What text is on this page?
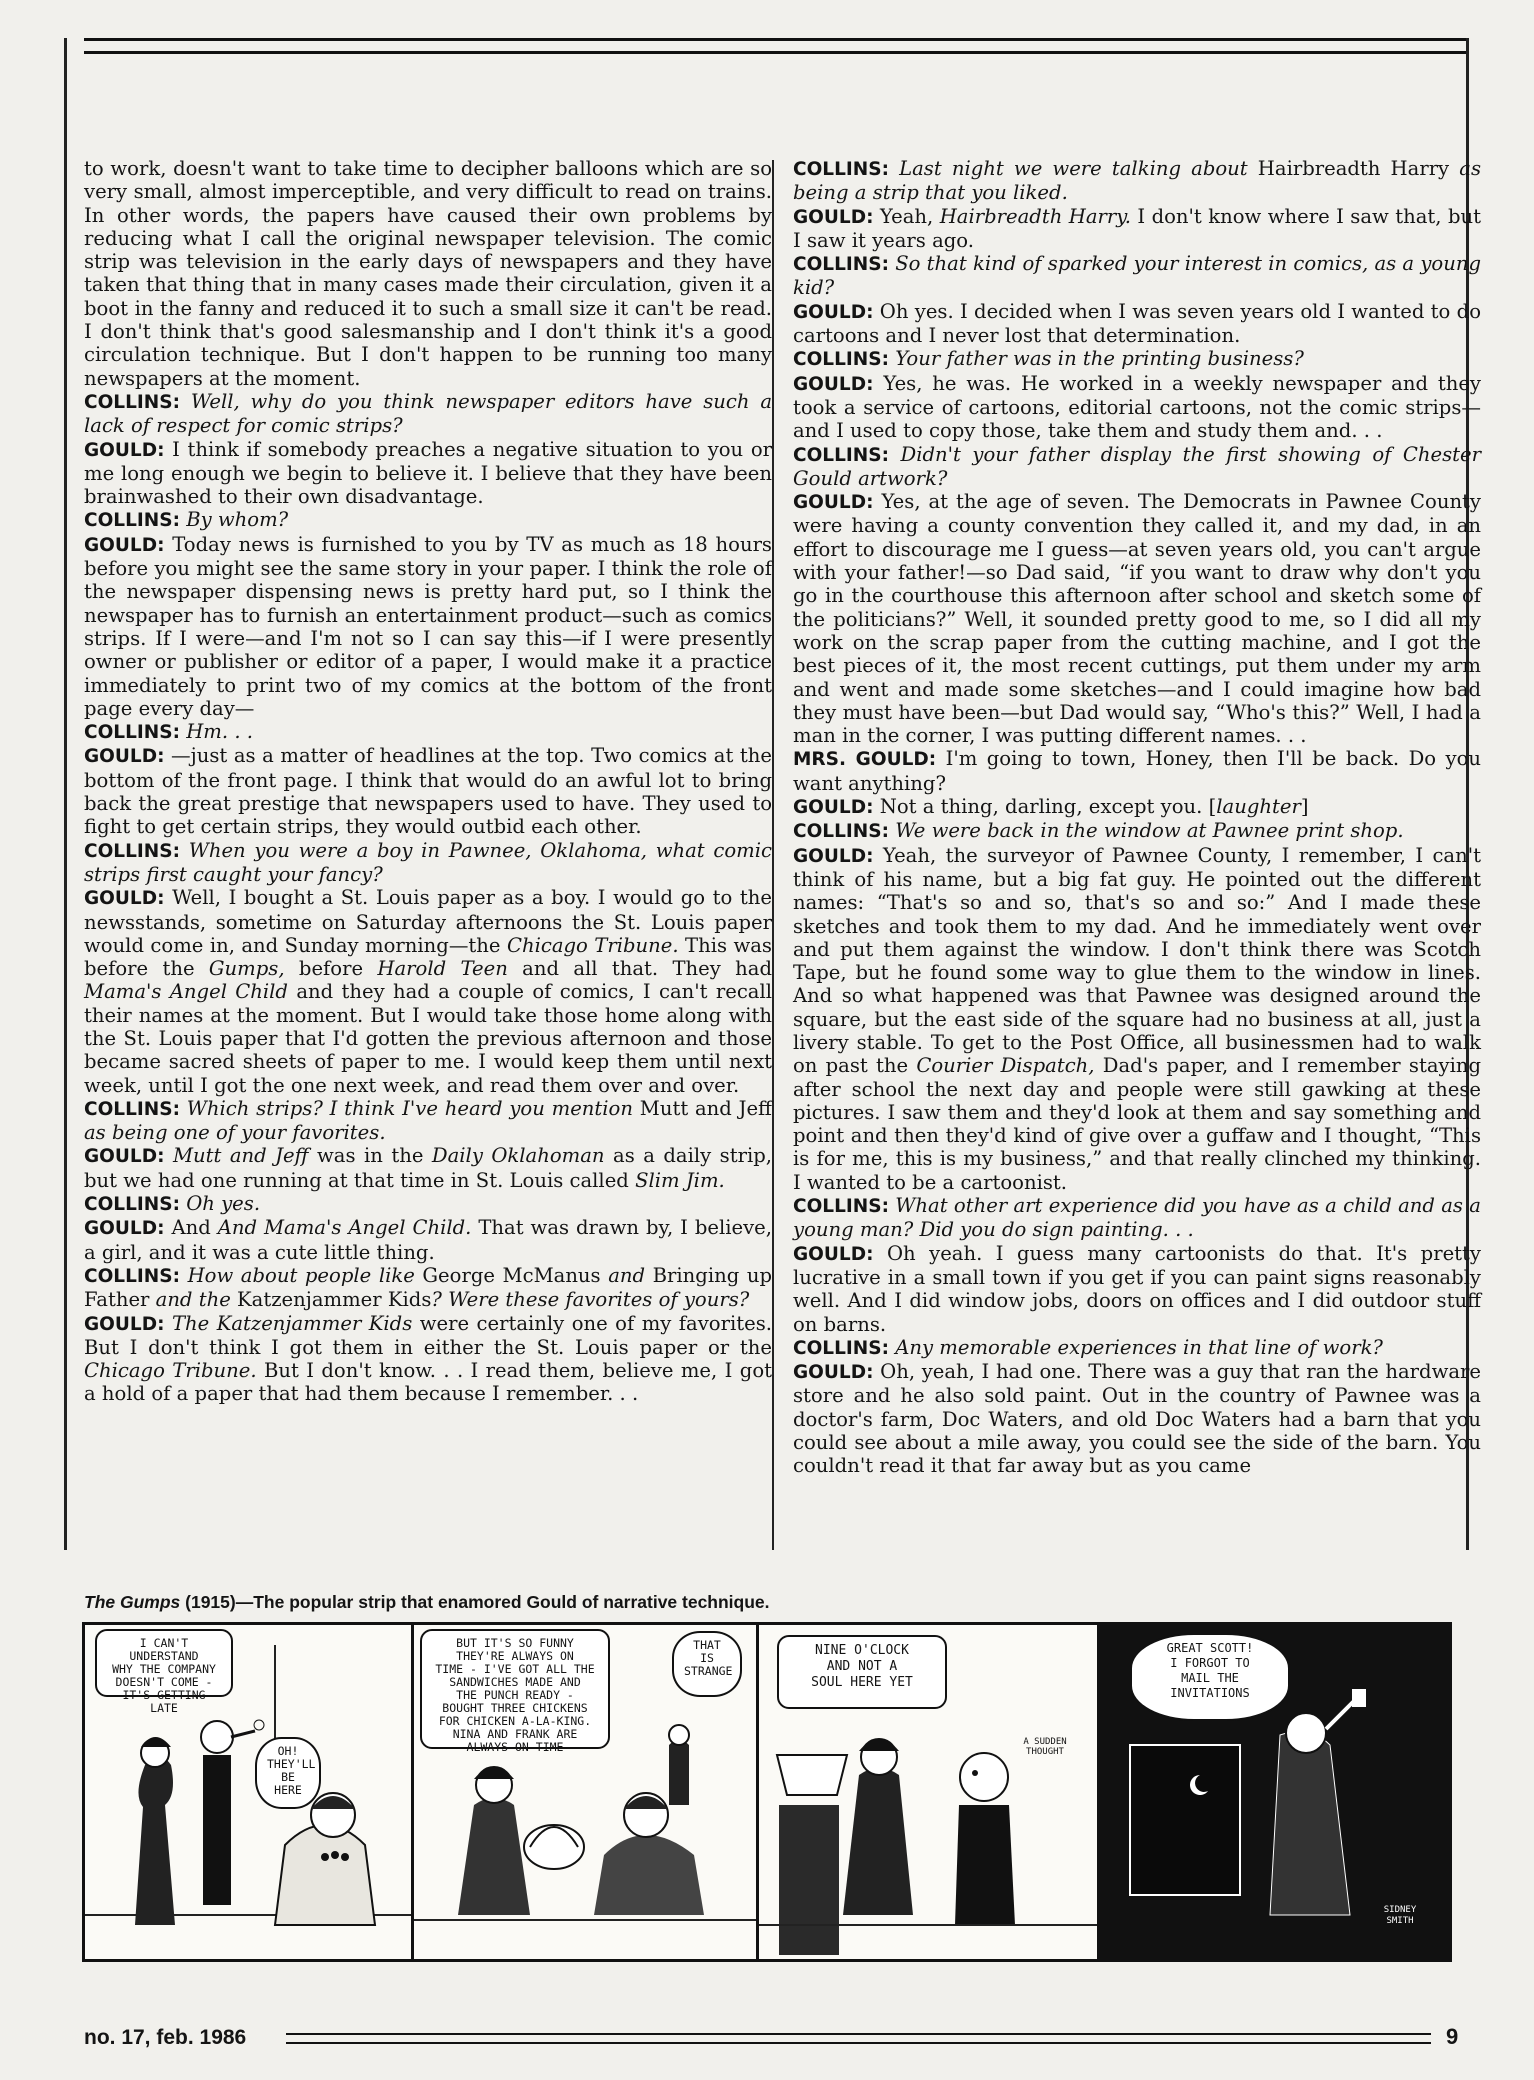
to work, doesn't want to take time to decipher balloons which are so very small, almost imperceptible, and very difficult to read on trains. In other words, the papers have caused their own problems by reducing what I call the original newspaper television. The comic strip was television in the early days of newspapers and they have taken that thing that in many cases made their circulation, given it a boot in the fanny and reduced it to such a small size it can't be read. I don't think that's good salesmanship and I don't think it's a good circulation technique. But I don't happen to be running too many newspapers at the moment.

COLLINS: Well, why do you think newspaper editors have such a lack of respect for comic strips?

GOULD: I think if somebody preaches a negative situation to you or me long enough we begin to believe it. I believe that they have been brainwashed to their own disadvantage.

COLLINS: By whom?

GOULD: Today news is furnished to you by TV as much as 18 hours before you might see the same story in your paper. I think the role of the newspaper dispensing news is pretty hard put, so I think the newspaper has to furnish an entertainment product—such as comics strips. If I were—and I'm not so I can say this—if I were presently owner or publisher or editor of a paper, I would make it a practice immediately to print two of my comics at the bottom of the front page every day—

COLLINS: Hm. . .

GOULD: —just as a matter of headlines at the top. Two comics at the bottom of the front page. I think that would do an awful lot to bring back the great prestige that newspapers used to have. They used to fight to get certain strips, they would outbid each other.

COLLINS: When you were a boy in Pawnee, Oklahoma, what comic strips first caught your fancy?

GOULD: Well, I bought a St. Louis paper as a boy. I would go to the newsstands, sometime on Saturday afternoons the St. Louis paper would come in, and Sunday morning—the Chicago Tribune. This was before the Gumps, before Harold Teen and all that. They had Mama's Angel Child and they had a couple of comics, I can't recall their names at the moment. But I would take those home along with the St. Louis paper that I'd gotten the previous afternoon and those became sacred sheets of paper to me. I would keep them until next week, until I got the one next week, and read them over and over.

COLLINS: Which strips? I think I've heard you mention Mutt and Jeff as being one of your favorites.

GOULD: Mutt and Jeff was in the Daily Oklahoman as a daily strip, but we had one running at that time in St. Louis called Slim Jim.

COLLINS: Oh yes.

GOULD: And And Mama's Angel Child. That was drawn by, I believe, a girl, and it was a cute little thing.

COLLINS: How about people like George McManus and Bringing up Father and the Katzenjammer Kids? Were these favorites of yours?

GOULD: The Katzenjammer Kids were certainly one of my favorites. But I don't think I got them in either the St. Louis paper or the Chicago Tribune. But I don't know. . . I read them, believe me, I got a hold of a paper that had them because I remember. . .

COLLINS: Last night we were talking about Hairbreadth Harry as being a strip that you liked.

GOULD: Yeah, Hairbreadth Harry. I don't know where I saw that, but I saw it years ago.

COLLINS: So that kind of sparked your interest in comics, as a young kid?

GOULD: Oh yes. I decided when I was seven years old I wanted to do cartoons and I never lost that determination.

COLLINS: Your father was in the printing business?

GOULD: Yes, he was. He worked in a weekly newspaper and they took a service of cartoons, editorial cartoons, not the comic strips—and I used to copy those, take them and study them and. . .

COLLINS: Didn't your father display the first showing of Chester Gould artwork?

GOULD: Yes, at the age of seven. The Democrats in Pawnee County were having a county convention they called it, and my dad, in an effort to discourage me I guess—at seven years old, you can't argue with your father!—so Dad said, “if you want to draw why don't you go in the courthouse this afternoon after school and sketch some of the politicians?” Well, it sounded pretty good to me, so I did all my work on the scrap paper from the cutting machine, and I got the best pieces of it, the most recent cuttings, put them under my arm and went and made some sketches—and I could imagine how bad they must have been—but Dad would say, “Who's this?” Well, I had a man in the corner, I was putting different names. . .

MRS. GOULD: I'm going to town, Honey, then I'll be back. Do you want anything?

GOULD: Not a thing, darling, except you. [laughter]

COLLINS: We were back in the window at Pawnee print shop.

GOULD: Yeah, the surveyor of Pawnee County, I remember, I can't think of his name, but a big fat guy. He pointed out the different names: “That's so and so, that's so and so:” And I made these sketches and took them to my dad. And he immediately went over and put them against the window. I don't think there was Scotch Tape, but he found some way to glue them to the window in lines. And so what happened was that Pawnee was designed around the square, but the east side of the square had no business at all, just a livery stable. To get to the Post Office, all businessmen had to walk on past the Courier Dispatch, Dad's paper, and I remember staying after school the next day and people were still gawking at these pictures. I saw them and they'd look at them and say something and point and then they'd kind of give over a guffaw and I thought, “This is for me, this is my business,” and that really clinched my thinking. I wanted to be a cartoonist.

COLLINS: What other art experience did you have as a child and as a young man? Did you do sign painting. . .

GOULD: Oh yeah. I guess many cartoonists do that. It's pretty lucrative in a small town if you get if you can paint signs reasonably well. And I did window jobs, doors on offices and I did outdoor stuff on barns.

COLLINS: Any memorable experiences in that line of work?

GOULD: Oh, yeah, I had one. There was a guy that ran the hardware store and he also sold paint. Out in the country of Pawnee was a doctor's farm, Doc Waters, and old Doc Waters had a barn that you could see about a mile away, you could see the side of the barn. You couldn't read it that far away but as you came

The Gumps (1915)—The popular strip that enamored Gould of narrative technique.
I CAN'T UNDERSTAND
WHY THE COMPANY
DOESN'T COME -
IT'S GETTING LATE
OH!
THEY'LL
BE
HERE
BUT IT'S SO FUNNY
THEY'RE ALWAYS ON
TIME - I'VE GOT ALL THE
SANDWICHES MADE AND
THE PUNCH READY -
BOUGHT THREE CHICKENS
FOR CHICKEN A-LA-KING.
NINA AND FRANK ARE
ALWAYS ON TIME
THAT
IS
STRANGE
NINE O'CLOCK
AND NOT A
SOUL HERE YET
A SUDDEN
THOUGHT
GREAT SCOTT!
I FORGOT TO
MAIL THE
INVITATIONS
SIDNEY
SMITH
no. 17, feb. 1986	9
